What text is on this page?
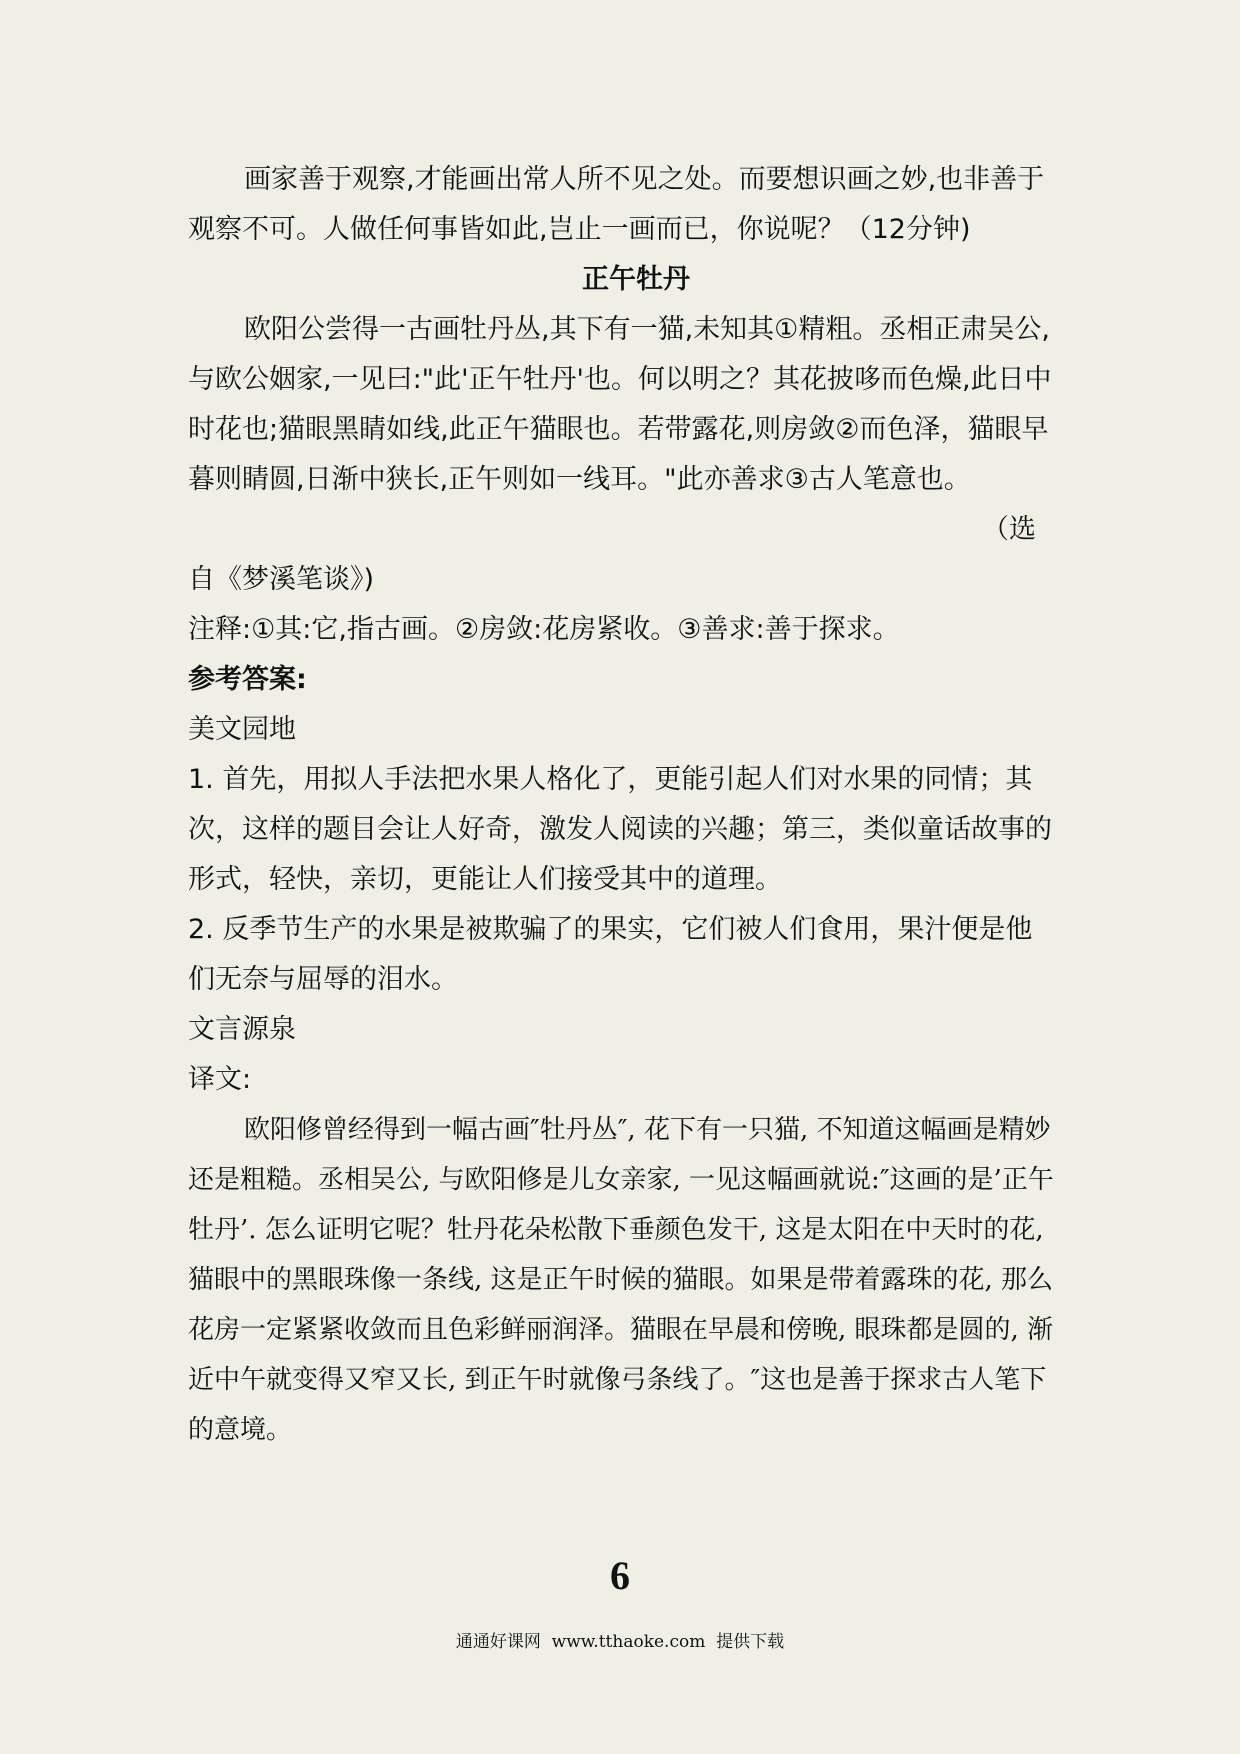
画家善于观察,才能画出常人所不见之处。而要想识画之妙,也非善于观察不可。人做任何事皆如此,岂止一画而已，你说呢？（12分钟)

正午牡丹

欧阳公尝得一古画牡丹丛,其下有一猫,未知其①精粗。丞相正肃吴公,与欧公姻家,一见曰:"此'正午牡丹'也。何以明之？其花披哆而色燥,此日中时花也;猫眼黑睛如线,此正午猫眼也。若带露花,则房敛②而色泽，猫眼早暮则睛圆,日渐中狭长,正午则如一线耳。"此亦善求③古人笔意也。

（选
自《梦溪笔谈》)
注释:①其:它,指古画。②房敛:花房紧收。③善求:善于探求。
参考答案:
美文园地

1. 首先，用拟人手法把水果人格化了，更能引起人们对水果的同情；其次，这样的题目会让人好奇，激发人阅读的兴趣；第三，类似童话故事的形式，轻快，亲切，更能让人们接受其中的道理。

2. 反季节生产的水果是被欺骗了的果实，它们被人们食用，果汁便是他们无奈与屈辱的泪水。

文言源泉
译文:

欧阳修曾经得到一幅古画″牡丹丛″, 花下有一只猫, 不知道这幅画是精妙还是粗糙。丞相吴公, 与欧阳修是儿女亲家, 一见这幅画就说:″这画的是’正午牡丹’. 怎么证明它呢？牡丹花朵松散下垂颜色发干, 这是太阳在中天时的花, 猫眼中的黑眼珠像一条线, 这是正午时候的猫眼。如果是带着露珠的花, 那么花房一定紧紧收敛而且色彩鲜丽润泽。猫眼在早晨和傍晚, 眼珠都是圆的, 渐近中午就变得又窄又长, 到正午时就像弓条线了。″这也是善于探求古人笔下的意境。

6
通通好课网  www.tthaoke.com  提供下载
